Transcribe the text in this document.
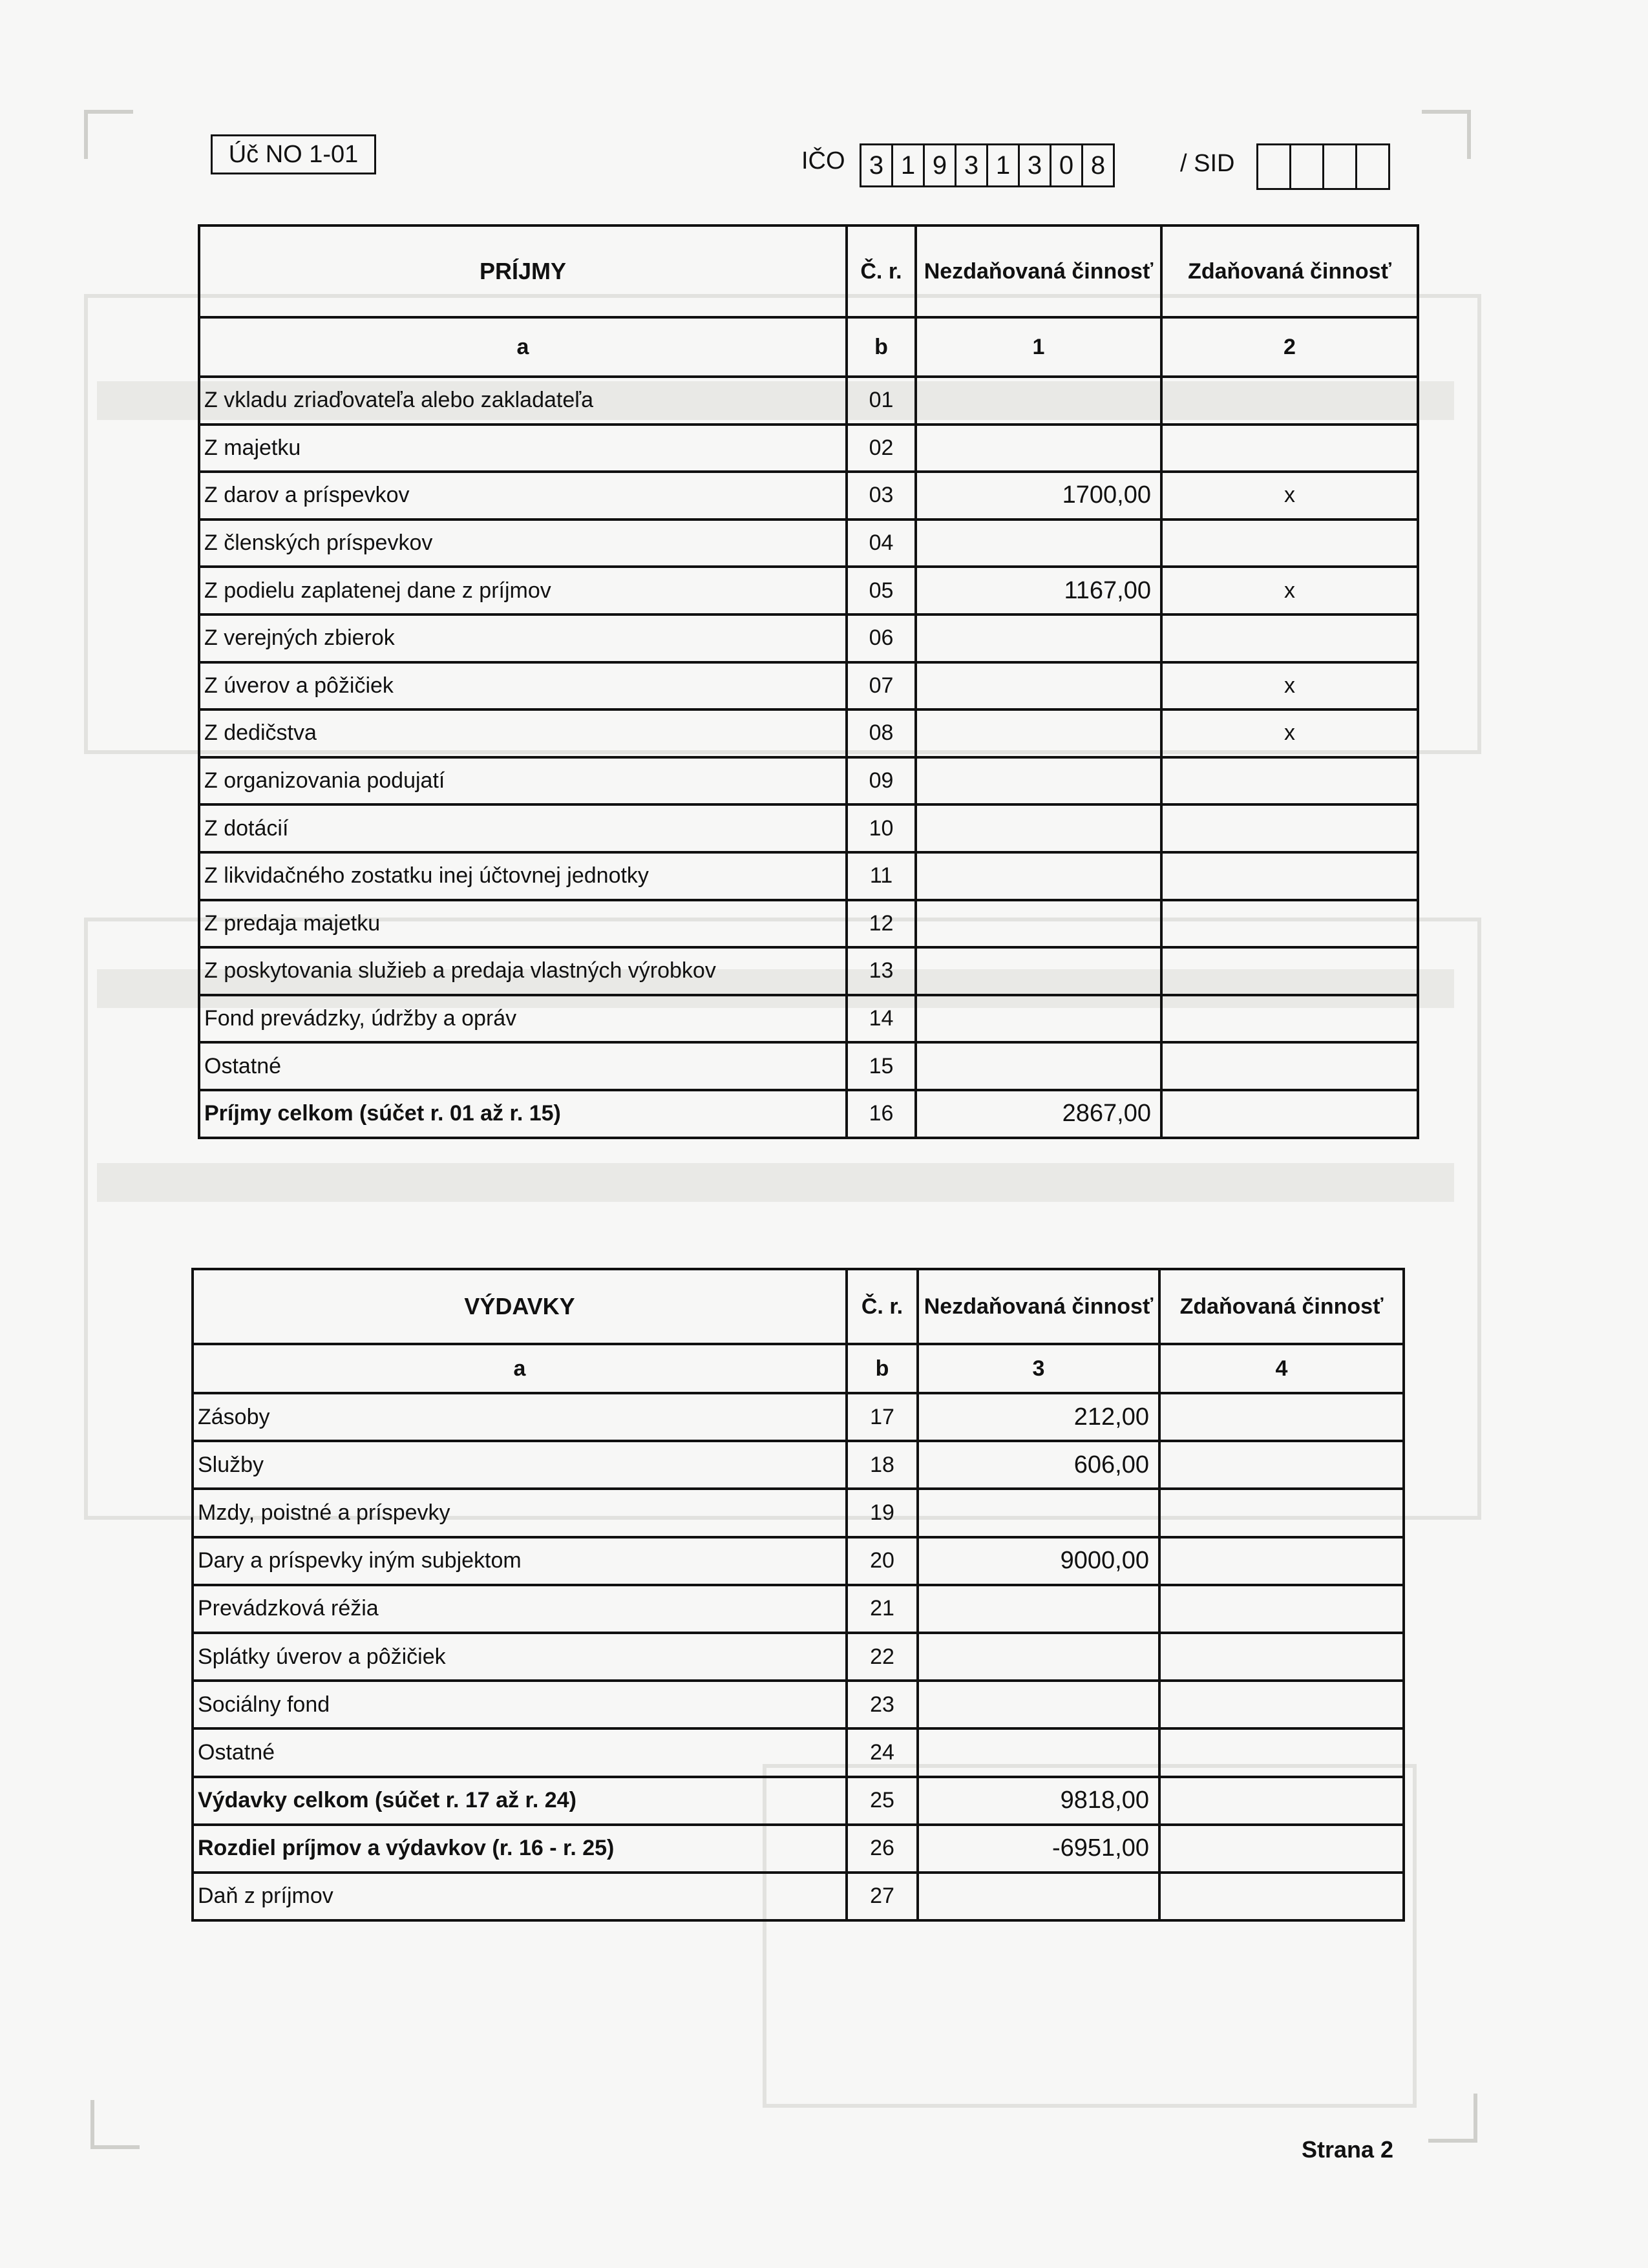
Úč NO 1-01	IČO 3 1 9 3 1 3 0 8	/ SID
PRÍJMY	Č. r.	Nezdaňovaná činnosť	Zdaňovaná činnosť
a	b	1	2
Z vkladu zriaďovateľa alebo zakladateľa	01		
Z majetku	02		
Z darov a príspevkov	03	1700,00	x
Z členských príspevkov	04		
Z podielu zaplatenej dane z príjmov	05	1167,00	x
Z verejných zbierok	06		
Z úverov a pôžičiek	07		x
Z dedičstva	08		x
Z organizovania podujatí	09		
Z dotácií	10		
Z likvidačného zostatku inej účtovnej jednotky	11		
Z predaja majetku	12		
Z poskytovania služieb a predaja vlastných výrobkov	13		
Fond prevádzky, údržby a opráv	14		
Ostatné	15		
Príjmy celkom (súčet r. 01 až r. 15)	16	2867,00	
VÝDAVKY	Č. r.	Nezdaňovaná činnosť	Zdaňovaná činnosť
a	b	3	4
Zásoby	17	212,00	
Služby	18	606,00	
Mzdy, poistné a príspevky	19		
Dary a príspevky iným subjektom	20	9000,00	
Prevádzková réžia	21		
Splátky úverov a pôžičiek	22		
Sociálny fond	23		
Ostatné	24		
Výdavky celkom (súčet r. 17 až r. 24)	25	9818,00	
Rozdiel príjmov a výdavkov (r. 16 - r. 25)	26	-6951,00	
Daň z príjmov	27		
Strana 2
